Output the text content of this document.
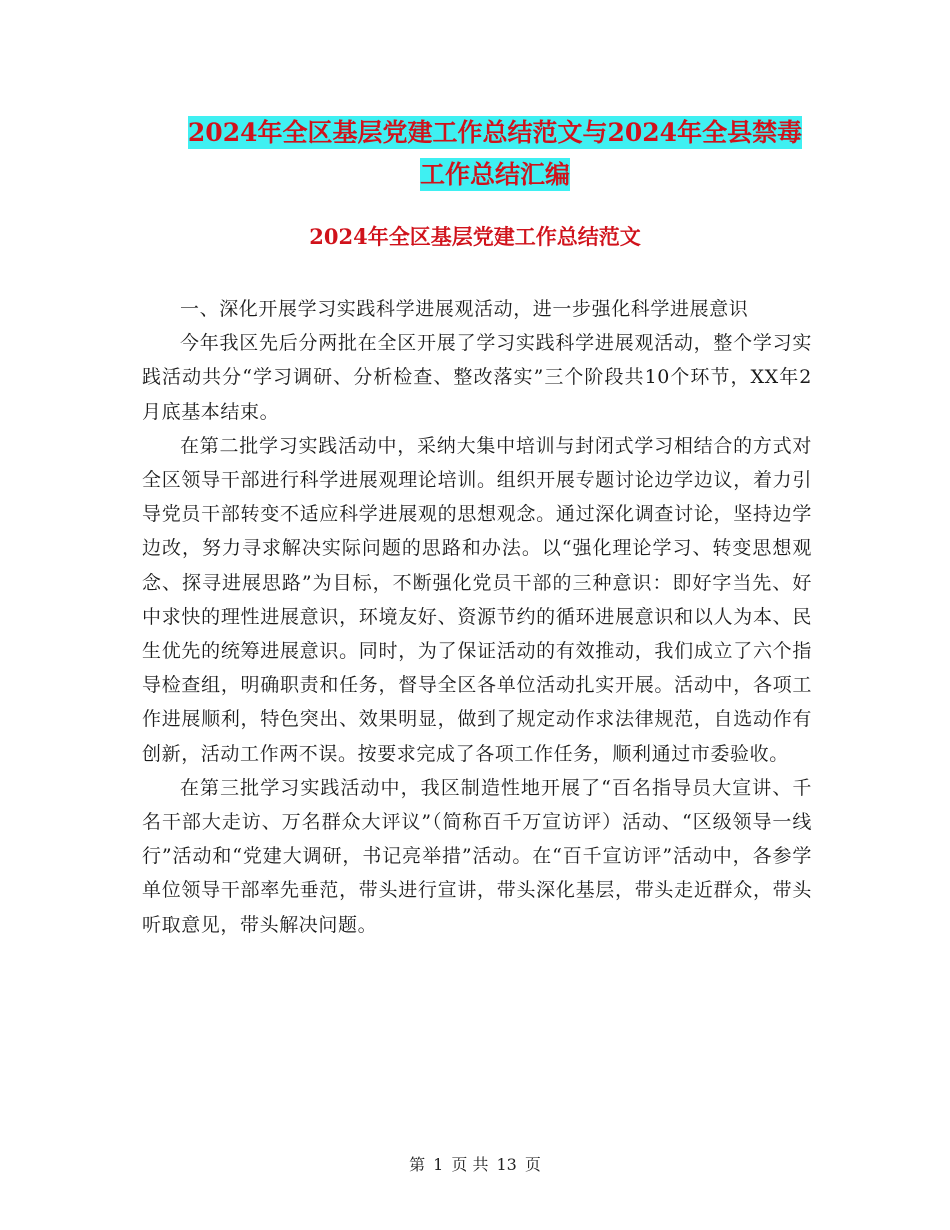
2024年全区基层党建工作总结范文与2024年全县禁毒
工作总结汇编
2024年全区基层党建工作总结范文

一、深化开展学习实践科学进展观活动，进一步强化科学进展意识

今年我区先后分两批在全区开展了学习实践科学进展观活动，整个学习实践活动共分“学习调研、分析检查、整改落实”三个阶段共10个环节，XX年2月底基本结束。

在第二批学习实践活动中，采纳大集中培训与封闭式学习相结合的方式对全区领导干部进行科学进展观理论培训。组织开展专题讨论边学边议，着力引导党员干部转变不适应科学进展观的思想观念。通过深化调查讨论，坚持边学边改，努力寻求解决实际问题的思路和办法。以“强化理论学习、转变思想观念、探寻进展思路”为目标，不断强化党员干部的三种意识：即好字当先、好中求快的理性进展意识，环境友好、资源节约的循环进展意识和以人为本、民生优先的统筹进展意识。同时，为了保证活动的有效推动，我们成立了六个指导检查组，明确职责和任务，督导全区各单位活动扎实开展。活动中，各项工作进展顺利，特色突出、效果明显，做到了规定动作求法律规范，自选动作有创新，活动工作两不误。按要求完成了各项工作任务，顺利通过市委验收。

在第三批学习实践活动中，我区制造性地开展了“百名指导员大宣讲、千名干部大走访、万名群众大评议”（简称百千万宣访评）活动、“区级领导一线行”活动和“党建大调研，书记亮举措”活动。在“百千宣访评”活动中，各参学单位领导干部率先垂范，带头进行宣讲，带头深化基层，带头走近群众，带头听取意见，带头解决问题。

第 1 页 共 13 页
